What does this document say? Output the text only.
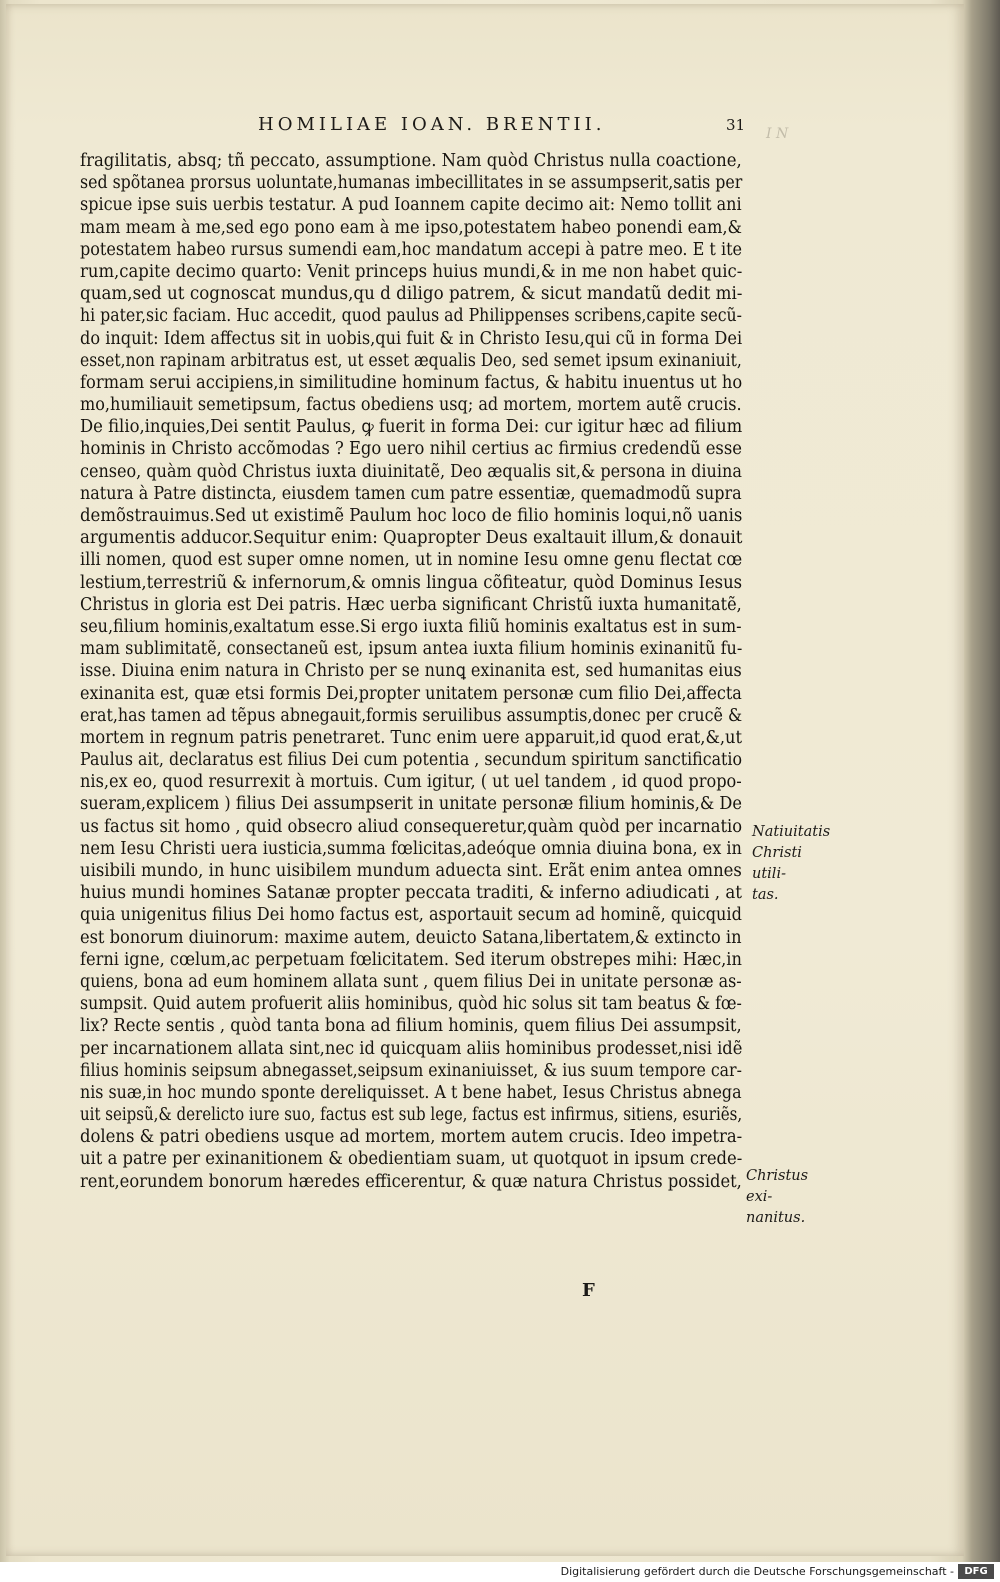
I N
HOMILIAE IOAN. BRENTII.	31
fragilitatis, absq; tñ peccato, assumptione. Nam quòd Christus nulla coactione,
sed spõtanea prorsus uoluntate,humanas imbecillitates in se assumpserit,satis per
spicue ipse suis uerbis testatur. A pud Ioannem capite decimo ait: Nemo tollit ani
mam meam à me,sed ego pono eam à me ipso,potestatem habeo ponendi eam,&
potestatem habeo rursus sumendi eam,hoc mandatum accepi à patre meo. E t ite
rum,capite decimo quarto: Venit princeps huius mundi,& in me non habet quic-
quam,sed ut cognoscat mundus,qu d diligo patrem, & sicut mandatũ dedit mi-
hi pater,sic faciam. Huc accedit, quod paulus ad Philippenses scribens,capite secũ-
do inquit: Idem affectus sit in uobis,qui fuit & in Christo Iesu,qui cũ in forma Dei
esset,non rapinam arbitratus est, ut esset æqualis Deo, sed semet ipsum exinaniuit,
formam serui accipiens,in similitudine hominum factus, & habitu inuentus ut ho
mo,humiliauit semetipsum, factus obediens usq; ad mortem, mortem autẽ crucis.
De filio,inquies,Dei sentit Paulus, ꝙ fuerit in forma Dei: cur igitur hæc ad filium
hominis in Christo accõmodas ? Ego uero nihil certius ac firmius credendũ esse
censeo, quàm quòd Christus iuxta diuinitatẽ, Deo æqualis sit,& persona in diuina
natura à Patre distincta, eiusdem tamen cum patre essentiæ, quemadmodũ supra
demõstrauimus.Sed ut existimẽ Paulum hoc loco de filio hominis loqui,nõ uanis
argumentis adducor.Sequitur enim: Quapropter Deus exaltauit illum,& donauit
illi nomen, quod est super omne nomen, ut in nomine Iesu omne genu flectat cœ
lestium,terrestriũ & infernorum,& omnis lingua cõfiteatur, quòd Dominus Iesus
Christus in gloria est Dei patris. Hæc uerba significant Christũ iuxta humanitatẽ,
seu,filium hominis,exaltatum esse.Si ergo iuxta filiũ hominis exaltatus est in sum-
mam sublimitatẽ, consectaneũ est, ipsum antea iuxta filium hominis exinanitũ fu-
isse. Diuina enim natura in Christo per se nunꝗ exinanita est, sed humanitas eius
exinanita est, quæ etsi formis Dei,propter unitatem personæ cum filio Dei,affecta
erat,has tamen ad tẽpus abnegauit,formis seruilibus assumptis,donec per crucẽ &
mortem in regnum patris penetraret. Tunc enim uere apparuit,id quod erat,&,ut
Paulus ait, declaratus est filius Dei cum potentia , secundum spiritum sanctificatio
nis,ex eo, quod resurrexit à mortuis. Cum igitur, ( ut uel tandem , id quod propo-
sueram,explicem ) filius Dei assumpserit in unitate personæ filium hominis,& De
us factus sit homo , quid obsecro aliud consequeretur,quàm quòd per incarnatio
nem Iesu Christi uera iusticia,summa fœlicitas,adeóque omnia diuina bona, ex in
uisibili mundo, in hunc uisibilem mundum aduecta sint. Erãt enim antea omnes
huius mundi homines Satanæ propter peccata traditi, & inferno adiudicati , at
quia unigenitus filius Dei homo factus est, asportauit secum ad hominẽ, quicquid
est bonorum diuinorum: maxime autem, deuicto Satana,libertatem,& extincto in
ferni igne, cœlum,ac perpetuam fœlicitatem. Sed iterum obstrepes mihi: Hæc,in
quiens, bona ad eum hominem allata sunt , quem filius Dei in unitate personæ as-
sumpsit. Quid autem profuerit aliis hominibus, quòd hic solus sit tam beatus & fœ-
lix? Recte sentis , quòd tanta bona ad filium hominis, quem filius Dei assumpsit,
per incarnationem allata sint,nec id quicquam aliis hominibus prodesset,nisi idẽ
filius hominis seipsum abnegasset,seipsum exinaniuisset, & ius suum tempore car-
nis suæ,in hoc mundo sponte dereliquisset. A t bene habet, Iesus Christus abnega
uit seipsũ,& derelicto iure suo, factus est sub lege, factus est infirmus, sitiens, esuriẽs,
dolens & patri obediens usque ad mortem, mortem autem crucis. Ideo impetra-
uit a patre per exinanitionem & obedientiam suam, ut quotquot in ipsum crede-
rent,eorundem bonorum hæredes efficerentur, & quæ natura Christus possidet,
Natiuitatis
Christi utili-
tas.
Christus exi-
nanitus.
F
Digitalisierung gefördert durch die Deutsche Forschungsgemeinschaft -	DFG
